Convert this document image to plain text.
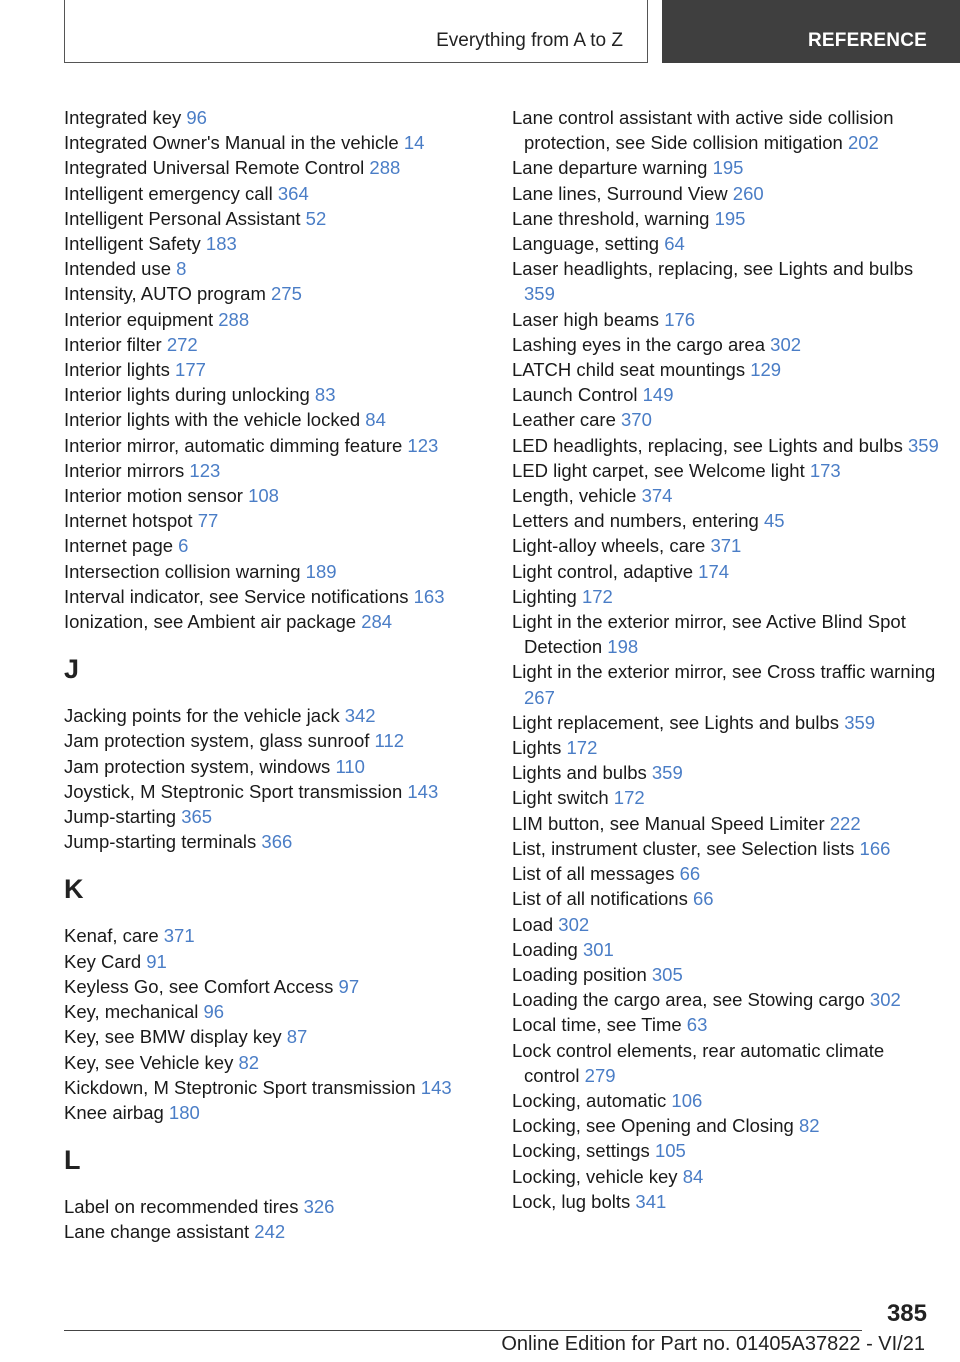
Everything from A to Z	REFERENCE

Integrated key 96

Integrated Owner's Manual in the vehicle 14

Integrated Universal Remote Control 288

Intelligent emergency call 364

Intelligent Personal Assistant 52

Intelligent Safety 183

Intended use 8

Intensity, AUTO program 275

Interior equipment 288

Interior filter 272

Interior lights 177

Interior lights during unlocking 83

Interior lights with the vehicle locked 84

Interior mirror, automatic dimming feature 123

Interior mirrors 123

Interior motion sensor 108

Internet hotspot 77

Internet page 6

Intersection collision warning 189

Interval indicator, see Service notifications 163

Ionization, see Ambient air package 284

J

Jacking points for the vehicle jack 342

Jam protection system, glass sunroof 112

Jam protection system, windows 110

Joystick, M Steptronic Sport transmission 143

Jump-starting 365

Jump-starting terminals 366

K

Kenaf, care 371

Key Card 91

Keyless Go, see Comfort Access 97

Key, mechanical 96

Key, see BMW display key 87

Key, see Vehicle key 82

Kickdown, M Steptronic Sport transmission 143

Knee airbag 180

L

Label on recommended tires 326

Lane change assistant 242

Lane control assistant with active side collision protection, see Side collision mitigation 202

Lane departure warning 195

Lane lines, Surround View 260

Lane threshold, warning 195

Language, setting 64

Laser headlights, replacing, see Lights and bulbs 359

Laser high beams 176

Lashing eyes in the cargo area 302

LATCH child seat mountings 129

Launch Control 149

Leather care 370

LED headlights, replacing, see Lights and bulbs 359

LED light carpet, see Welcome light 173

Length, vehicle 374

Letters and numbers, entering 45

Light-alloy wheels, care 371

Light control, adaptive 174

Lighting 172

Light in the exterior mirror, see Active Blind Spot Detection 198

Light in the exterior mirror, see Cross traffic warning 267

Light replacement, see Lights and bulbs 359

Lights 172

Lights and bulbs 359

Light switch 172

LIM button, see Manual Speed Limiter 222

List, instrument cluster, see Selection lists 166

List of all messages 66

List of all notifications 66

Load 302

Loading 301

Loading position 305

Loading the cargo area, see Stowing cargo 302

Local time, see Time 63

Lock control elements, rear automatic climate control 279

Locking, automatic 106

Locking, see Opening and Closing 82

Locking, settings 105

Locking, vehicle key 84

Lock, lug bolts 341

385
Online Edition for Part no. 01405A37822 - VI/21
